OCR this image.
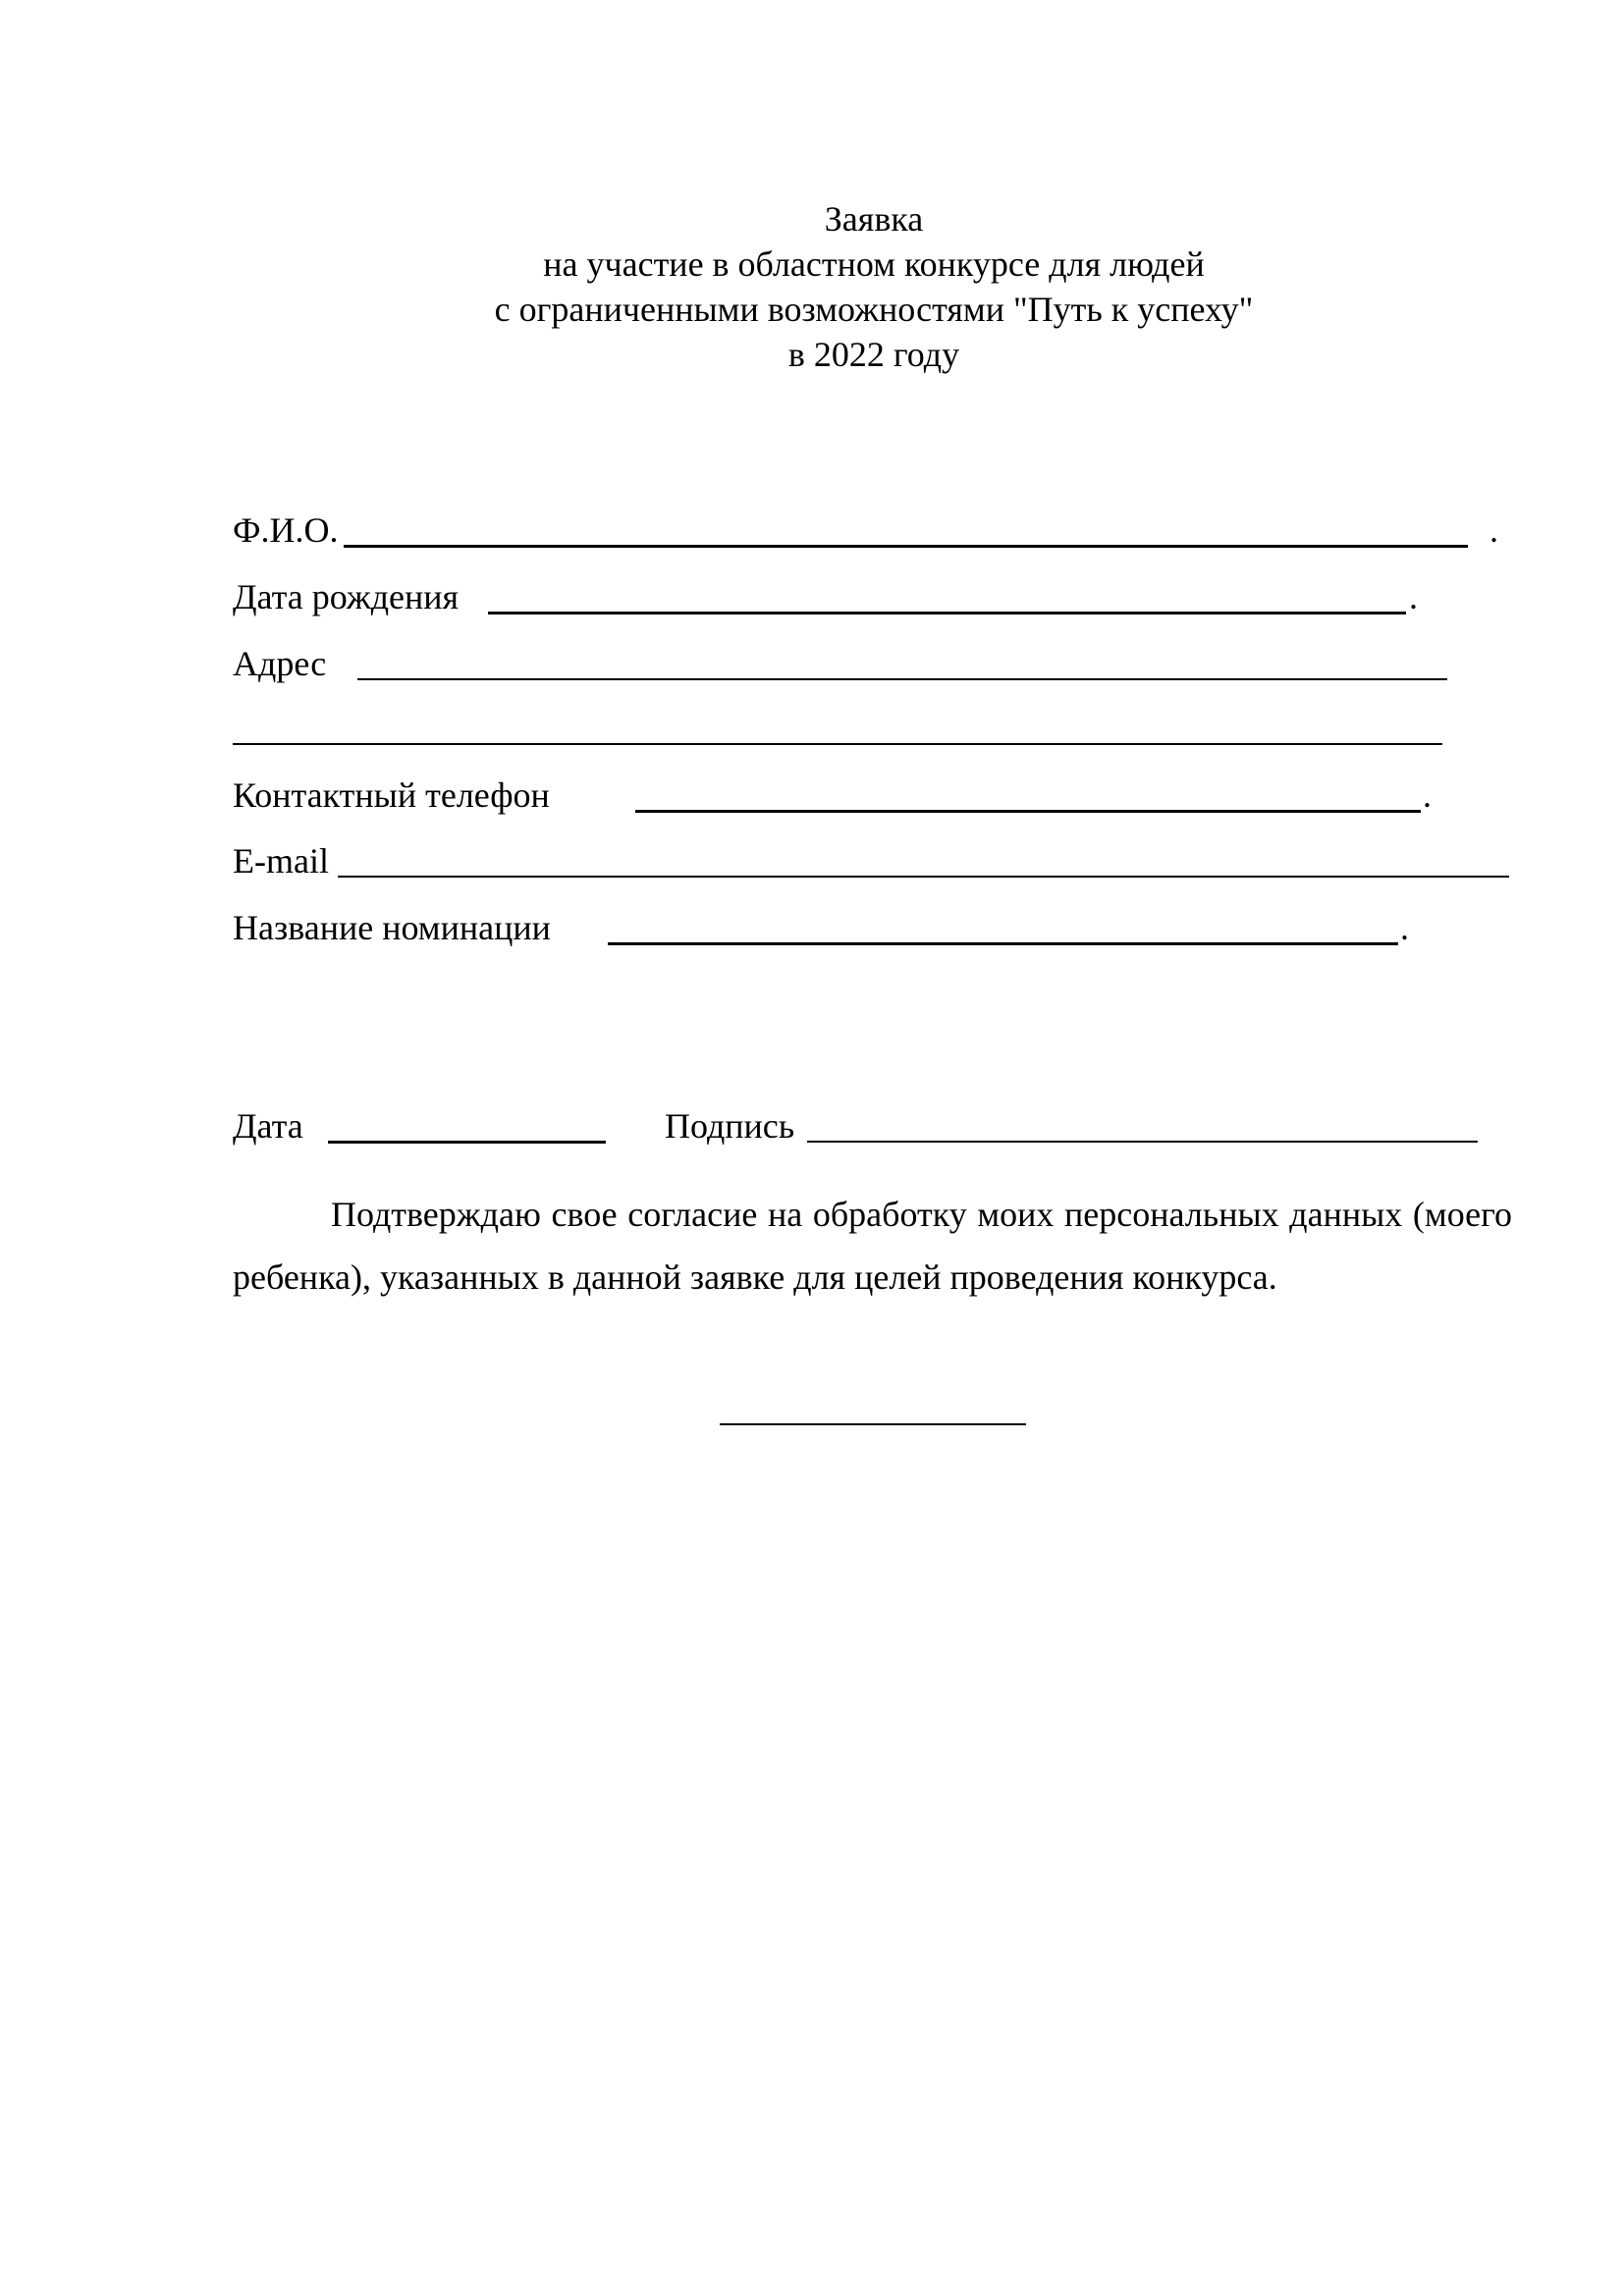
Заявка
на участие в областном конкурсе для людей
с ограниченными возможностями "Путь к успеху"
в 2022 году
Ф.И.О.	.
Дата рождения	.
Адрес
Контактный телефон	.
E-mail
Название номинации	.
Дата	Подпись

Подтверждаю свое согласие на обработку моих персональных данных (моего ребенка), указанных в данной заявке для целей проведения конкурса.
